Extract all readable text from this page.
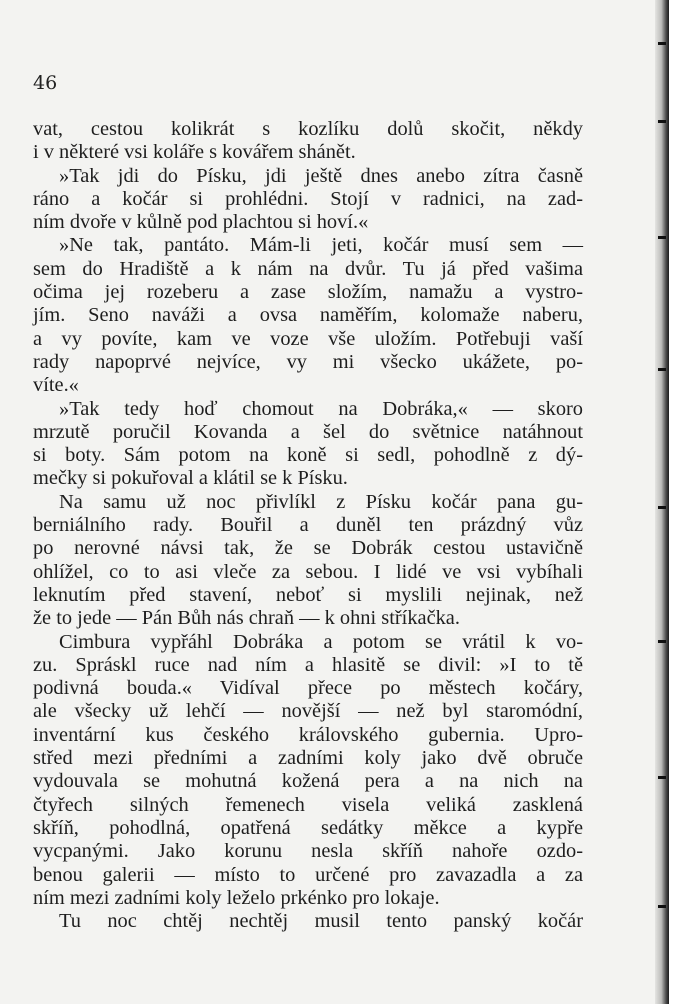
46
vat, cestou kolikrát s kozlíku dolů skočit, někdy
i v některé vsi koláře s kovářem shánět.
»Tak jdi do Písku, jdi ještě dnes anebo zítra časně
ráno a kočár si prohlédni. Stojí v radnici, na zad-
ním dvoře v kůlně pod plachtou si hoví.«
»Ne tak, pantáto. Mám-li jeti, kočár musí sem —
sem do Hradiště a k nám na dvůr. Tu já před vašima
očima jej rozeberu a zase složím, namažu a vystro-
jím. Seno naváži a ovsa naměřím, kolomaže naberu,
a vy povíte, kam ve voze vše uložím. Potřebuji vaší
rady napoprvé nejvíce, vy mi všecko ukážete, po-
víte.«
»Tak tedy hoď chomout na Dobráka,« — skoro
mrzutě poručil Kovanda a šel do světnice natáhnout
si boty. Sám potom na koně si sedl, pohodlně z dý-
mečky si pokuřoval a klátil se k Písku.
Na samu už noc přivlíkl z Písku kočár pana gu-
berniálního rady. Bouřil a duněl ten prázdný vůz
po nerovné návsi tak, že se Dobrák cestou ustavičně
ohlížel, co to asi vleče za sebou. I lidé ve vsi vybíhali
leknutím před stavení, neboť si myslili nejinak, než
že to jede — Pán Bůh nás chraň — k ohni stříkačka.
Cimbura vypřáhl Dobráka a potom se vrátil k vo-
zu. Spráskl ruce nad ním a hlasitě se divil: »I to tě
podivná bouda.« Vidíval přece po městech kočáry,
ale všecky už lehčí — novější — než byl staromódní,
inventární kus českého královského gubernia. Upro-
střed mezi předními a zadními koly jako dvě obruče
vydouvala se mohutná kožená pera a na nich na
čtyřech silných řemenech visela veliká zasklená
skříň, pohodlná, opatřená sedátky měkce a kypře
vycpanými. Jako korunu nesla skříň nahoře ozdo-
benou galerii — místo to určené pro zavazadla a za
ním mezi zadními koly leželo prkénko pro lokaje.
Tu noc chtěj nechtěj musil tento panský kočár
